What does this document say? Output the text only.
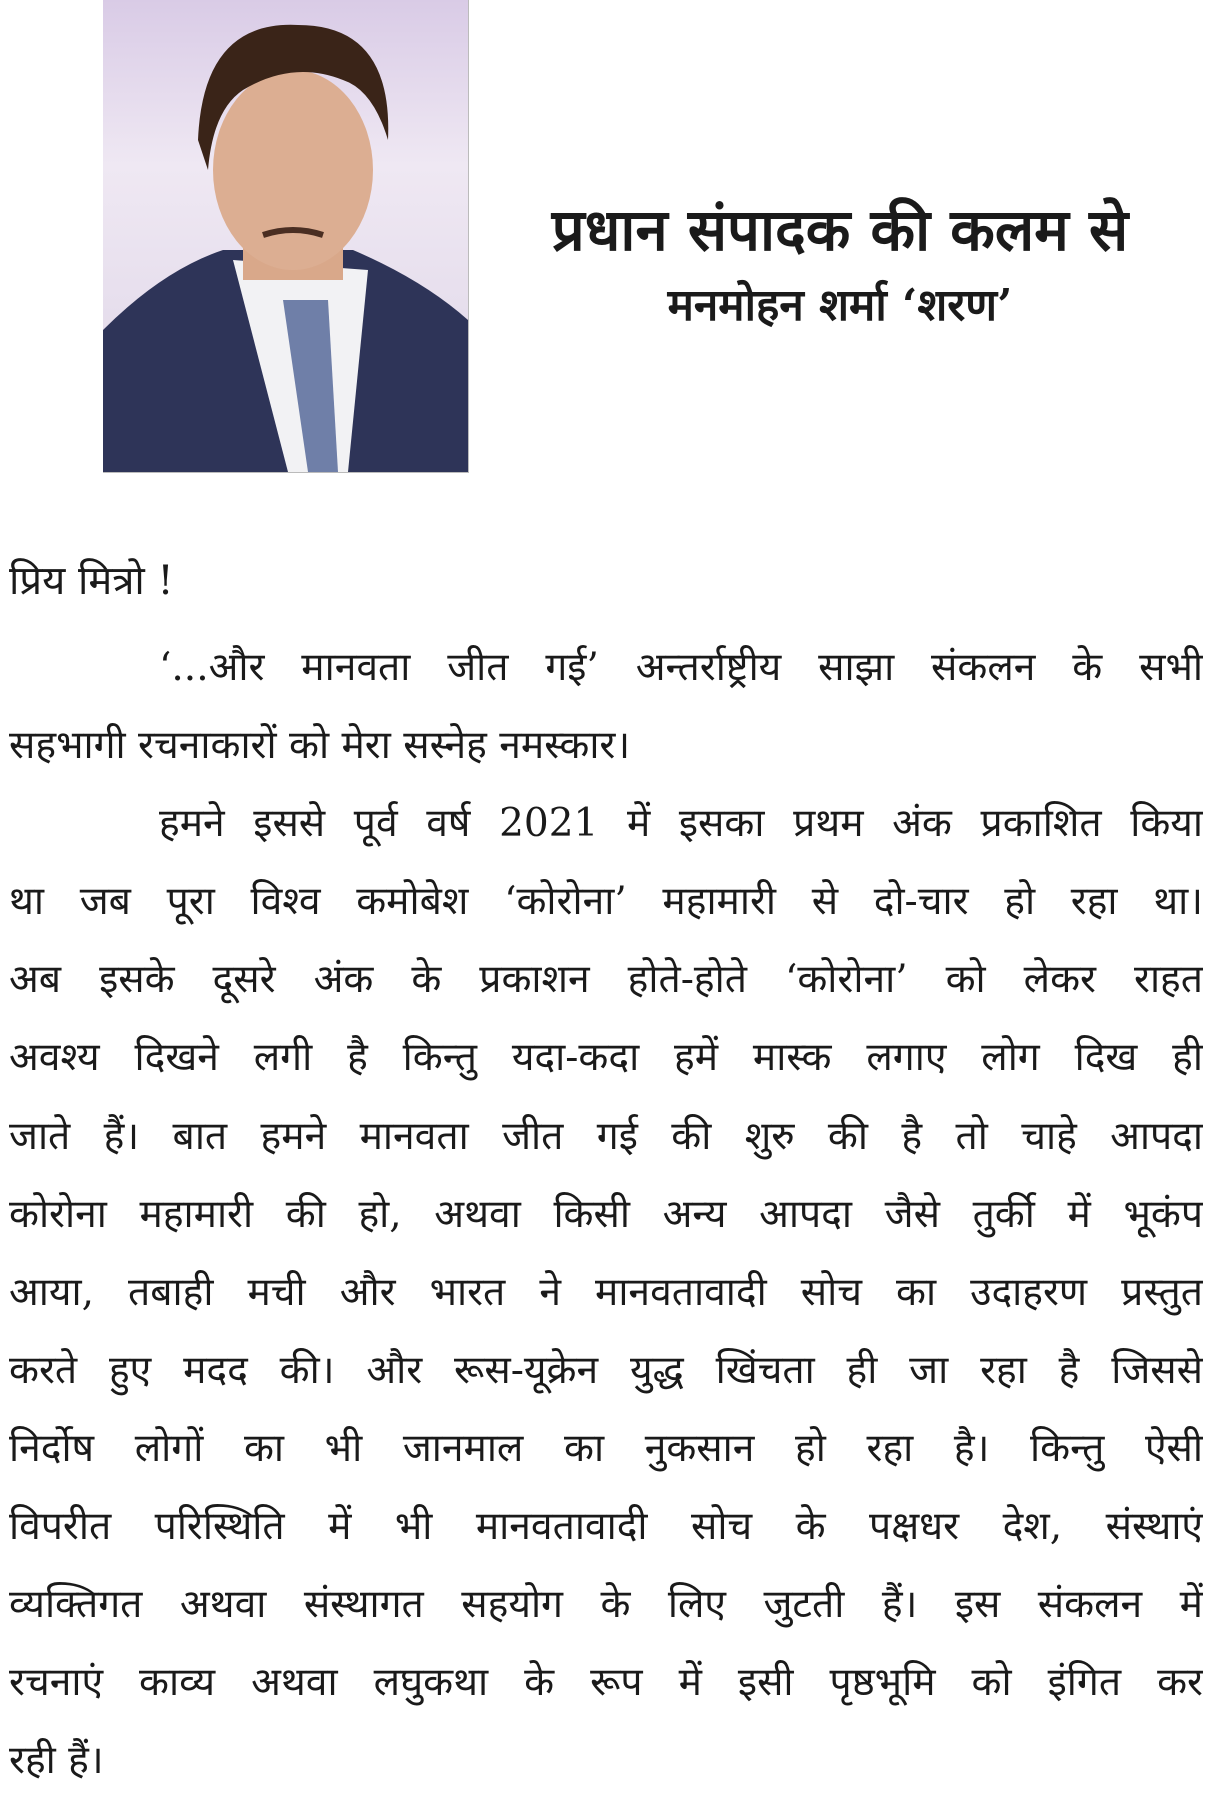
प्रधान संपादक की कलम से
मनमोहन शर्मा ‘शरण’
प्रिय मित्रो !
‘...और मानवता जीत गई’ अन्तर्राष्ट्रीय साझा संकलन के सभी
सहभागी रचनाकारों को मेरा सस्नेह नमस्कार।
हमने इससे पूर्व वर्ष 2021 में इसका प्रथम अंक प्रकाशित किया
था जब पूरा विश्व कमोबेश ‘कोरोना’ महामारी से दो-चार हो रहा था।
अब इसके दूसरे अंक के प्रकाशन होते-होते ‘कोरोना’ को लेकर राहत
अवश्य दिखने लगी है किन्तु यदा-कदा हमें मास्क लगाए लोग दिख ही
जाते हैं। बात हमने मानवता जीत गई की शुरु की है तो चाहे आपदा
कोरोना महामारी की हो, अथवा किसी अन्य आपदा जैसे तुर्की में भूकंप
आया, तबाही मची और भारत ने मानवतावादी सोच का उदाहरण प्रस्तुत
करते हुए मदद की। और रूस-यूक्रेन युद्ध खिंचता ही जा रहा है जिससे
निर्दोष लोगों का भी जानमाल का नुकसान हो रहा है। किन्तु ऐसी
विपरीत परिस्थिति में भी मानवतावादी सोच के पक्षधर देश, संस्थाएं
व्यक्तिगत अथवा संस्थागत सहयोग के लिए जुटती हैं। इस संकलन में
रचनाएं काव्य अथवा लघुकथा के रूप में इसी पृष्ठभूमि को इंगित कर
रही हैं।
